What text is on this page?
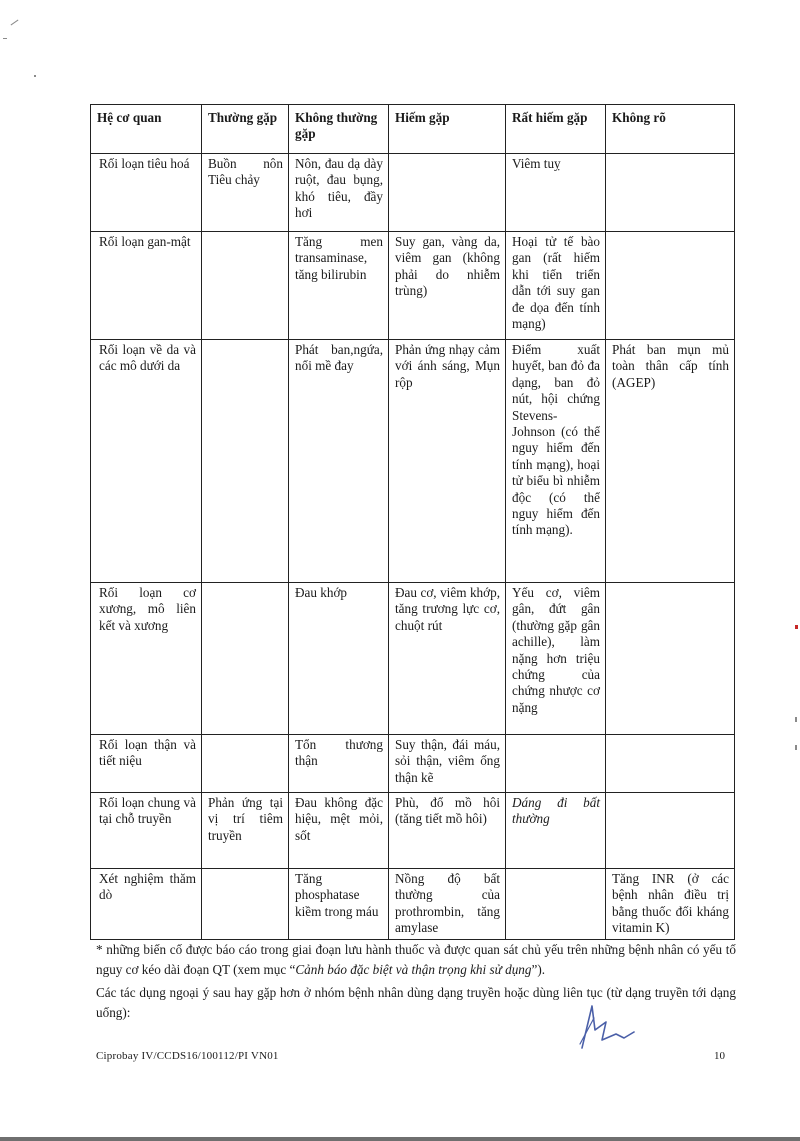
Hệ cơ quan	Thường gặp	Không thường gặp	Hiếm gặp	Rất hiếm gặp	Không rõ
Rối loạn tiêu hoá	Buồn nôn Tiêu chảy	Nôn, đau dạ dày ruột, đau bụng, khó tiêu, đầy hơi		Viêm tuỵ	
Rối loạn gan-mật		Tăng men transaminase, tăng bilirubin	Suy gan, vàng da, viêm gan (không phải do nhiễm trùng)	Hoại tử tế bào gan (rất hiếm khi tiến triển dẫn tới suy gan đe dọa đến tính mạng)	
Rối loạn về da và các mô dưới da		Phát ban,ngứa, nổi mề đay	Phản ứng nhạy cảm với ánh sáng, Mụn rộp	Điểm xuất huyết, ban đỏ đa dạng, ban đỏ nút, hội chứng Stevens-Johnson (có thể nguy hiểm đến tính mạng), hoại tử biểu bì nhiễm độc (có thể nguy hiểm đến tính mạng).	Phát ban mụn mủ toàn thân cấp tính (AGEP)
Rối loạn cơ xương, mô liên kết và xương		Đau khớp	Đau cơ, viêm khớp, tăng trương lực cơ, chuột rút	Yếu cơ, viêm gân, đứt gân (thường gặp gân achille), làm nặng hơn triệu chứng của chứng nhược cơ nặng	
Rối loạn thận và tiết niệu		Tổn thương thận	Suy thận, đái máu, sỏi thận, viêm ống thận kẽ		
Rối loạn chung và tại chỗ truyền	Phản ứng tại vị trí tiêm truyền	Đau không đặc hiệu, mệt mỏi, sốt	Phù, đổ mồ hôi (tăng tiết mồ hôi)	Dáng đi bất thường	
Xét nghiệm thăm dò		Tăng phosphatase kiềm trong máu	Nồng độ bất thường của prothrombin, tăng amylase		Tăng INR (ở các bệnh nhân điều trị bằng thuốc đối kháng vitamin K)
* những biến cố được báo cáo trong giai đoạn lưu hành thuốc và được quan sát chủ yếu trên những bệnh nhân có yếu tố nguy cơ kéo dài đoạn QT (xem mục “Cảnh báo đặc biệt và thận trọng khi sử dụng”).
Các tác dụng ngoại ý sau hay gặp hơn ở nhóm bệnh nhân dùng dạng truyền hoặc dùng liên tục (từ dạng truyền tới dạng uống):
Ciprobay IV/CCDS16/100112/PI VN01	10
